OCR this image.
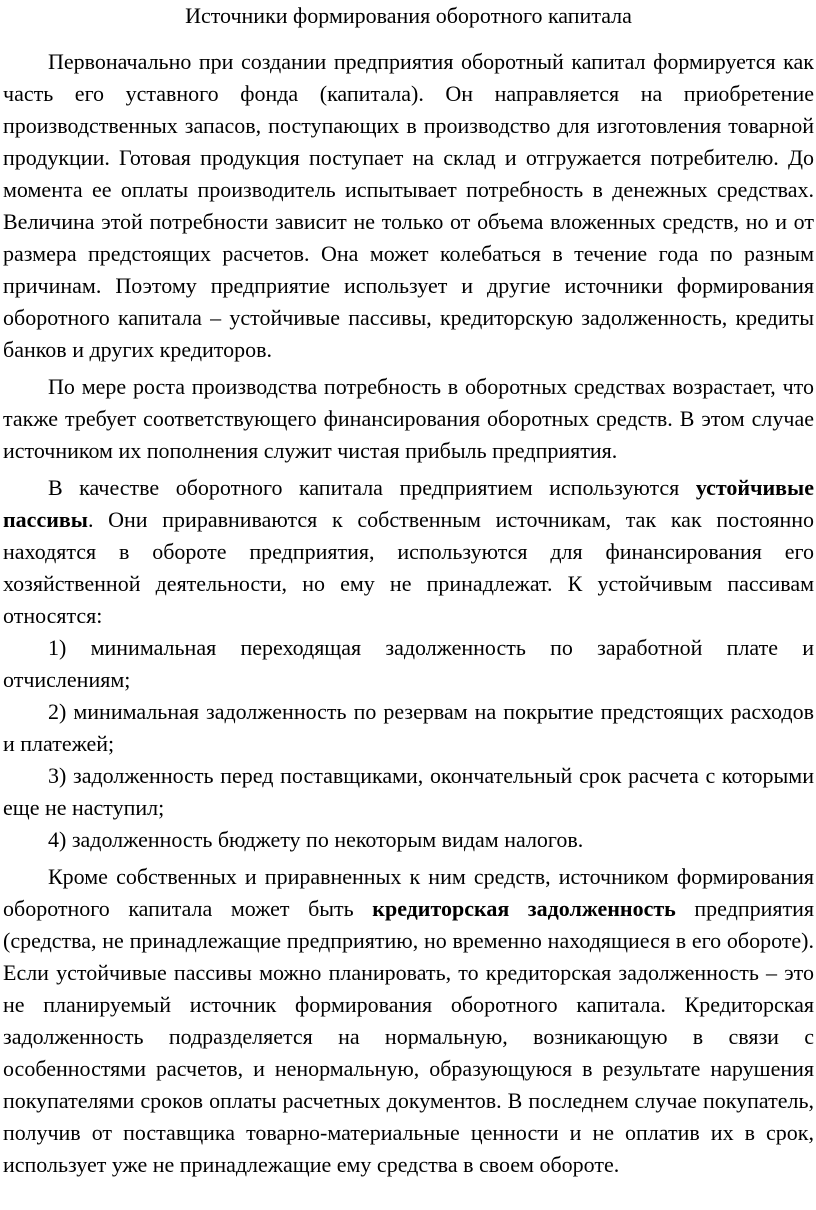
Источники формирования оборотного капитала

Первоначально при создании предприятия оборотный капитал формируется как часть его уставного фонда (капитала). Он направляется на приобретение производственных запасов, поступающих в производство для изготовления товарной продукции. Готовая продукция поступает на склад и отгружается потребителю. До момента ее оплаты производитель испытывает потребность в денежных средствах. Величина этой потребности зависит не только от объема вложенных средств, но и от размера предстоящих расчетов. Она может колебаться в течение года по разным причинам. Поэтому предприятие использует и другие источники формирования оборотного капитала – устойчивые пассивы, кредиторскую задолженность, кредиты банков и других кредиторов.

По мере роста производства потребность в оборотных средствах возрастает, что также требует соответствующего финансирования оборотных средств. В этом случае источником их пополнения служит чистая прибыль предприятия.

В качестве оборотного капитала предприятием используются устойчивые пассивы. Они приравниваются к собственным источникам, так как постоянно находятся в обороте предприятия, используются для финансирования его хозяйственной деятельности, но ему не принадлежат. К устойчивым пассивам относятся:

1) минимальная переходящая задолженность по заработной плате и отчислениям;

2) минимальная задолженность по резервам на покрытие предстоящих расходов и платежей;

3) задолженность перед поставщиками, окончательный срок расчета с которыми еще не наступил;

4) задолженность бюджету по некоторым видам налогов.

Кроме собственных и приравненных к ним средств, источником формирования оборотного капитала может быть кредиторская задолженность предприятия (средства, не принадлежащие предприятию, но временно находящиеся в его обороте). Если устойчивые пассивы можно планировать, то кредиторская задолженность – это не планируемый источник формирования оборотного капитала. Кредиторская задолженность подразделяется на нормальную, возникающую в связи с особенностями расчетов, и ненормальную, образующуюся в результате нарушения покупателями сроков оплаты расчетных документов. В последнем случае покупатель, получив от поставщика товарно-материальные ценности и не оплатив их в срок, использует уже не принадлежащие ему средства в своем обороте.
